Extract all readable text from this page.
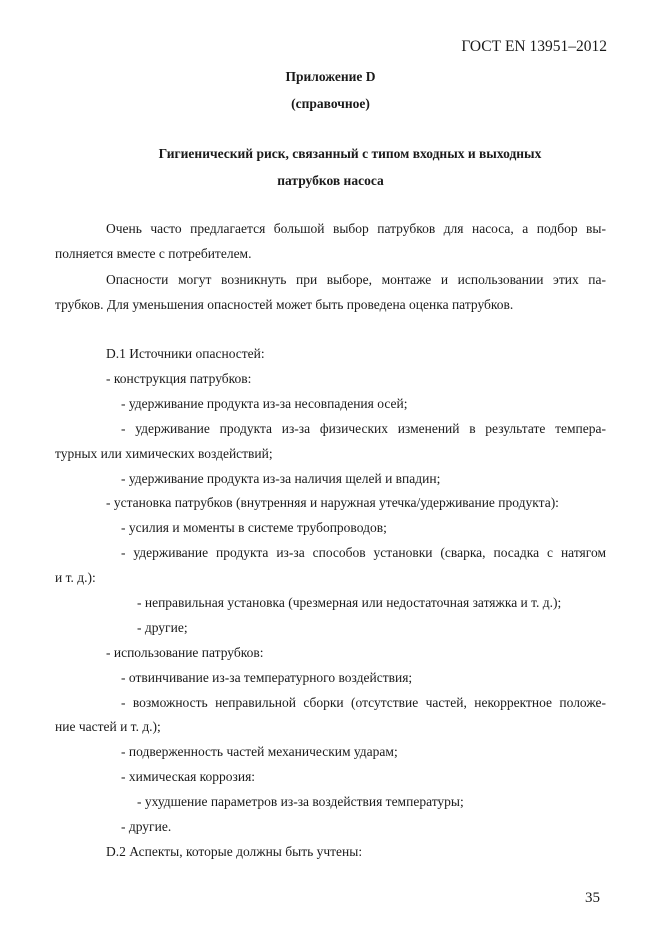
ГОСТ EN 13951–2012
Приложение D
(справочное)
Гигиенический риск, связанный с типом входных и выходных
патрубков насоса
Очень часто предлагается большой выбор патрубков для насоса, а подбор вы-
полняется вместе с потребителем.
Опасности могут возникнуть при выборе, монтаже и использовании этих па-
трубков. Для уменьшения опасностей может быть проведена оценка патрубков.
D.1 Источники опасностей:
- конструкция патрубков:
- удерживание продукта из-за несовпадения осей;
- удерживание продукта из-за физических изменений в результате темпера-
турных или химических воздействий;
- удерживание продукта из-за наличия щелей и впадин;
- установка патрубков (внутренняя и наружная утечка/удерживание продукта):
- усилия и моменты в системе трубопроводов;
- удерживание продукта из-за способов установки (сварка, посадка с натягом
и т. д.):
- неправильная установка (чрезмерная или недостаточная затяжка и т. д.);
- другие;
- использование патрубков:
- отвинчивание из-за температурного воздействия;
- возможность неправильной сборки (отсутствие частей, некорректное положе-
ние частей и т. д.);
- подверженность частей механическим ударам;
- химическая коррозия:
- ухудшение параметров из-за воздействия температуры;
- другие.
D.2 Аспекты, которые должны быть учтены:
35
